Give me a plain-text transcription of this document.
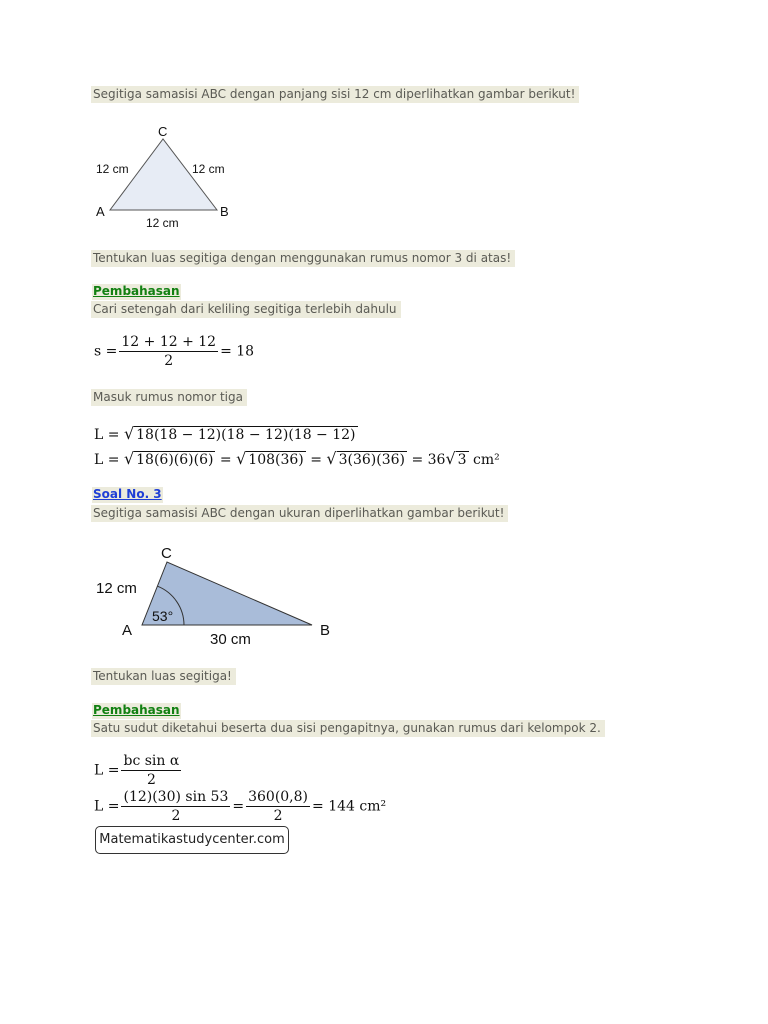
Segitiga samasisi ABC dengan panjang sisi 12 cm diperlihatkan gambar berikut!
C
A	B
12 cm	12 cm
12 cm
Tentukan luas segitiga dengan menggunakan rumus nomor 3 di atas!
Pembahasan
Cari setengah dari keliling segitiga terlebih dahulu
$s = \frac{12 + 12 + 12}{2} = 18$
Masuk rumus nomor tiga
L = √ 18(18 − 12)(18 − 12)(18 − 12)
L = √ 18(6)(6)(6) = √ 108(36) = √ 3(36)(36) = 36√ 3 cm²
Soal No. 3
Segitiga samasisi ABC dengan ukuran diperlihatkan gambar berikut!
C
A	B
12 cm
30 cm
53°
Tentukan luas segitiga!
Pembahasan
Satu sudut diketahui beserta dua sisi pengapitnya, gunakan rumus dari kelompok 2.
$L = \frac{\text{bc sin α}}{2}$
$L = \frac{(12)(30) \sin 53}{2} = \frac{360(0,8)}{2} = 144$ cm²
Matematikastudycenter.com
